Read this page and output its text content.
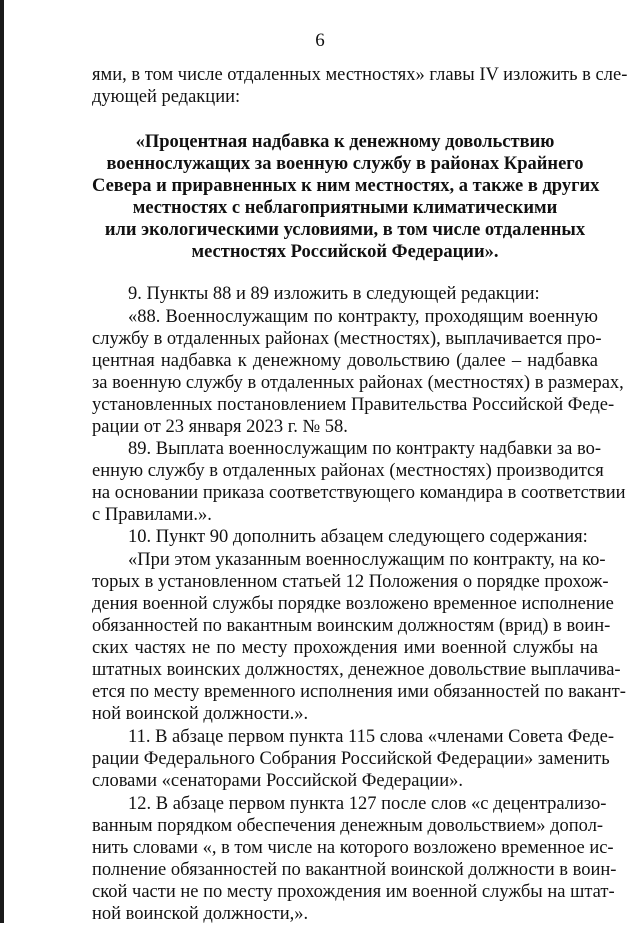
6
ями, в том числе отдаленных местностях» главы IV изложить в сле-
дующей редакции:
«Процентная надбавка к денежному довольствию
военнослужащих за военную службу в районах Крайнего
Севера и приравненных к ним местностях, а также в других
местностях с неблагоприятными климатическими
или экологическими условиями, в том числе отдаленных
местностях Российской Федерации».
9. Пункты 88 и 89 изложить в следующей редакции:
«88. Военнослужащим по контракту, проходящим военную
службу в отдаленных районах (местностях), выплачивается про-
центная надбавка к денежному довольствию (далее – надбавка
за военную службу в отдаленных районах (местностях) в размерах,
установленных постановлением Правительства Российской Феде-
рации от 23 января 2023 г. № 58.
89. Выплата военнослужащим по контракту надбавки за во-
енную службу в отдаленных районах (местностях) производится
на основании приказа соответствующего командира в соответствии
с Правилами.».
10. Пункт 90 дополнить абзацем следующего содержания:
«При этом указанным военнослужащим по контракту, на ко-
торых в установленном статьей 12 Положения о порядке прохож-
дения военной службы порядке возложено временное исполнение
обязанностей по вакантным воинским должностям (врид) в воин-
ских частях не по месту прохождения ими военной службы на
штатных воинских должностях, денежное довольствие выплачива-
ется по месту временного исполнения ими обязанностей по вакант-
ной воинской должности.».
11. В абзаце первом пункта 115 слова «членами Совета Феде-
рации Федерального Собрания Российской Федерации» заменить
словами «сенаторами Российской Федерации».
12. В абзаце первом пункта 127 после слов «с децентрализо-
ванным порядком обеспечения денежным довольствием» допол-
нить словами «, в том числе на которого возложено временное ис-
полнение обязанностей по вакантной воинской должности в воин-
ской части не по месту прохождения им военной службы на штат-
ной воинской должности,».
